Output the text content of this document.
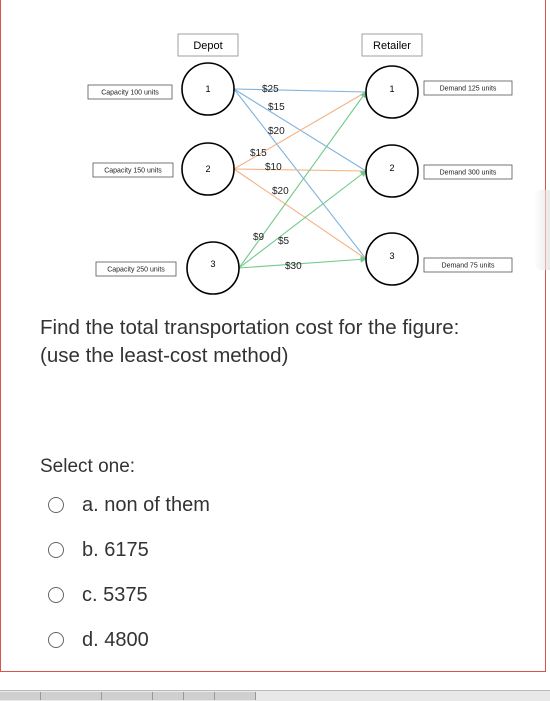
Depot	Retailer
$25
$15
$20
$15
$10
$20
$9 $5
$30
1
2
3
1
2
3
Capacity 100 units
Capacity 150 units
Capacity 250 units
Demand 125 units
Demand 300 units
Demand 75 units
Find the total transportation cost for the figure:
(use the least-cost method)
Select one:
a. non of them
b. 6175
c. 5375
d. 4800
